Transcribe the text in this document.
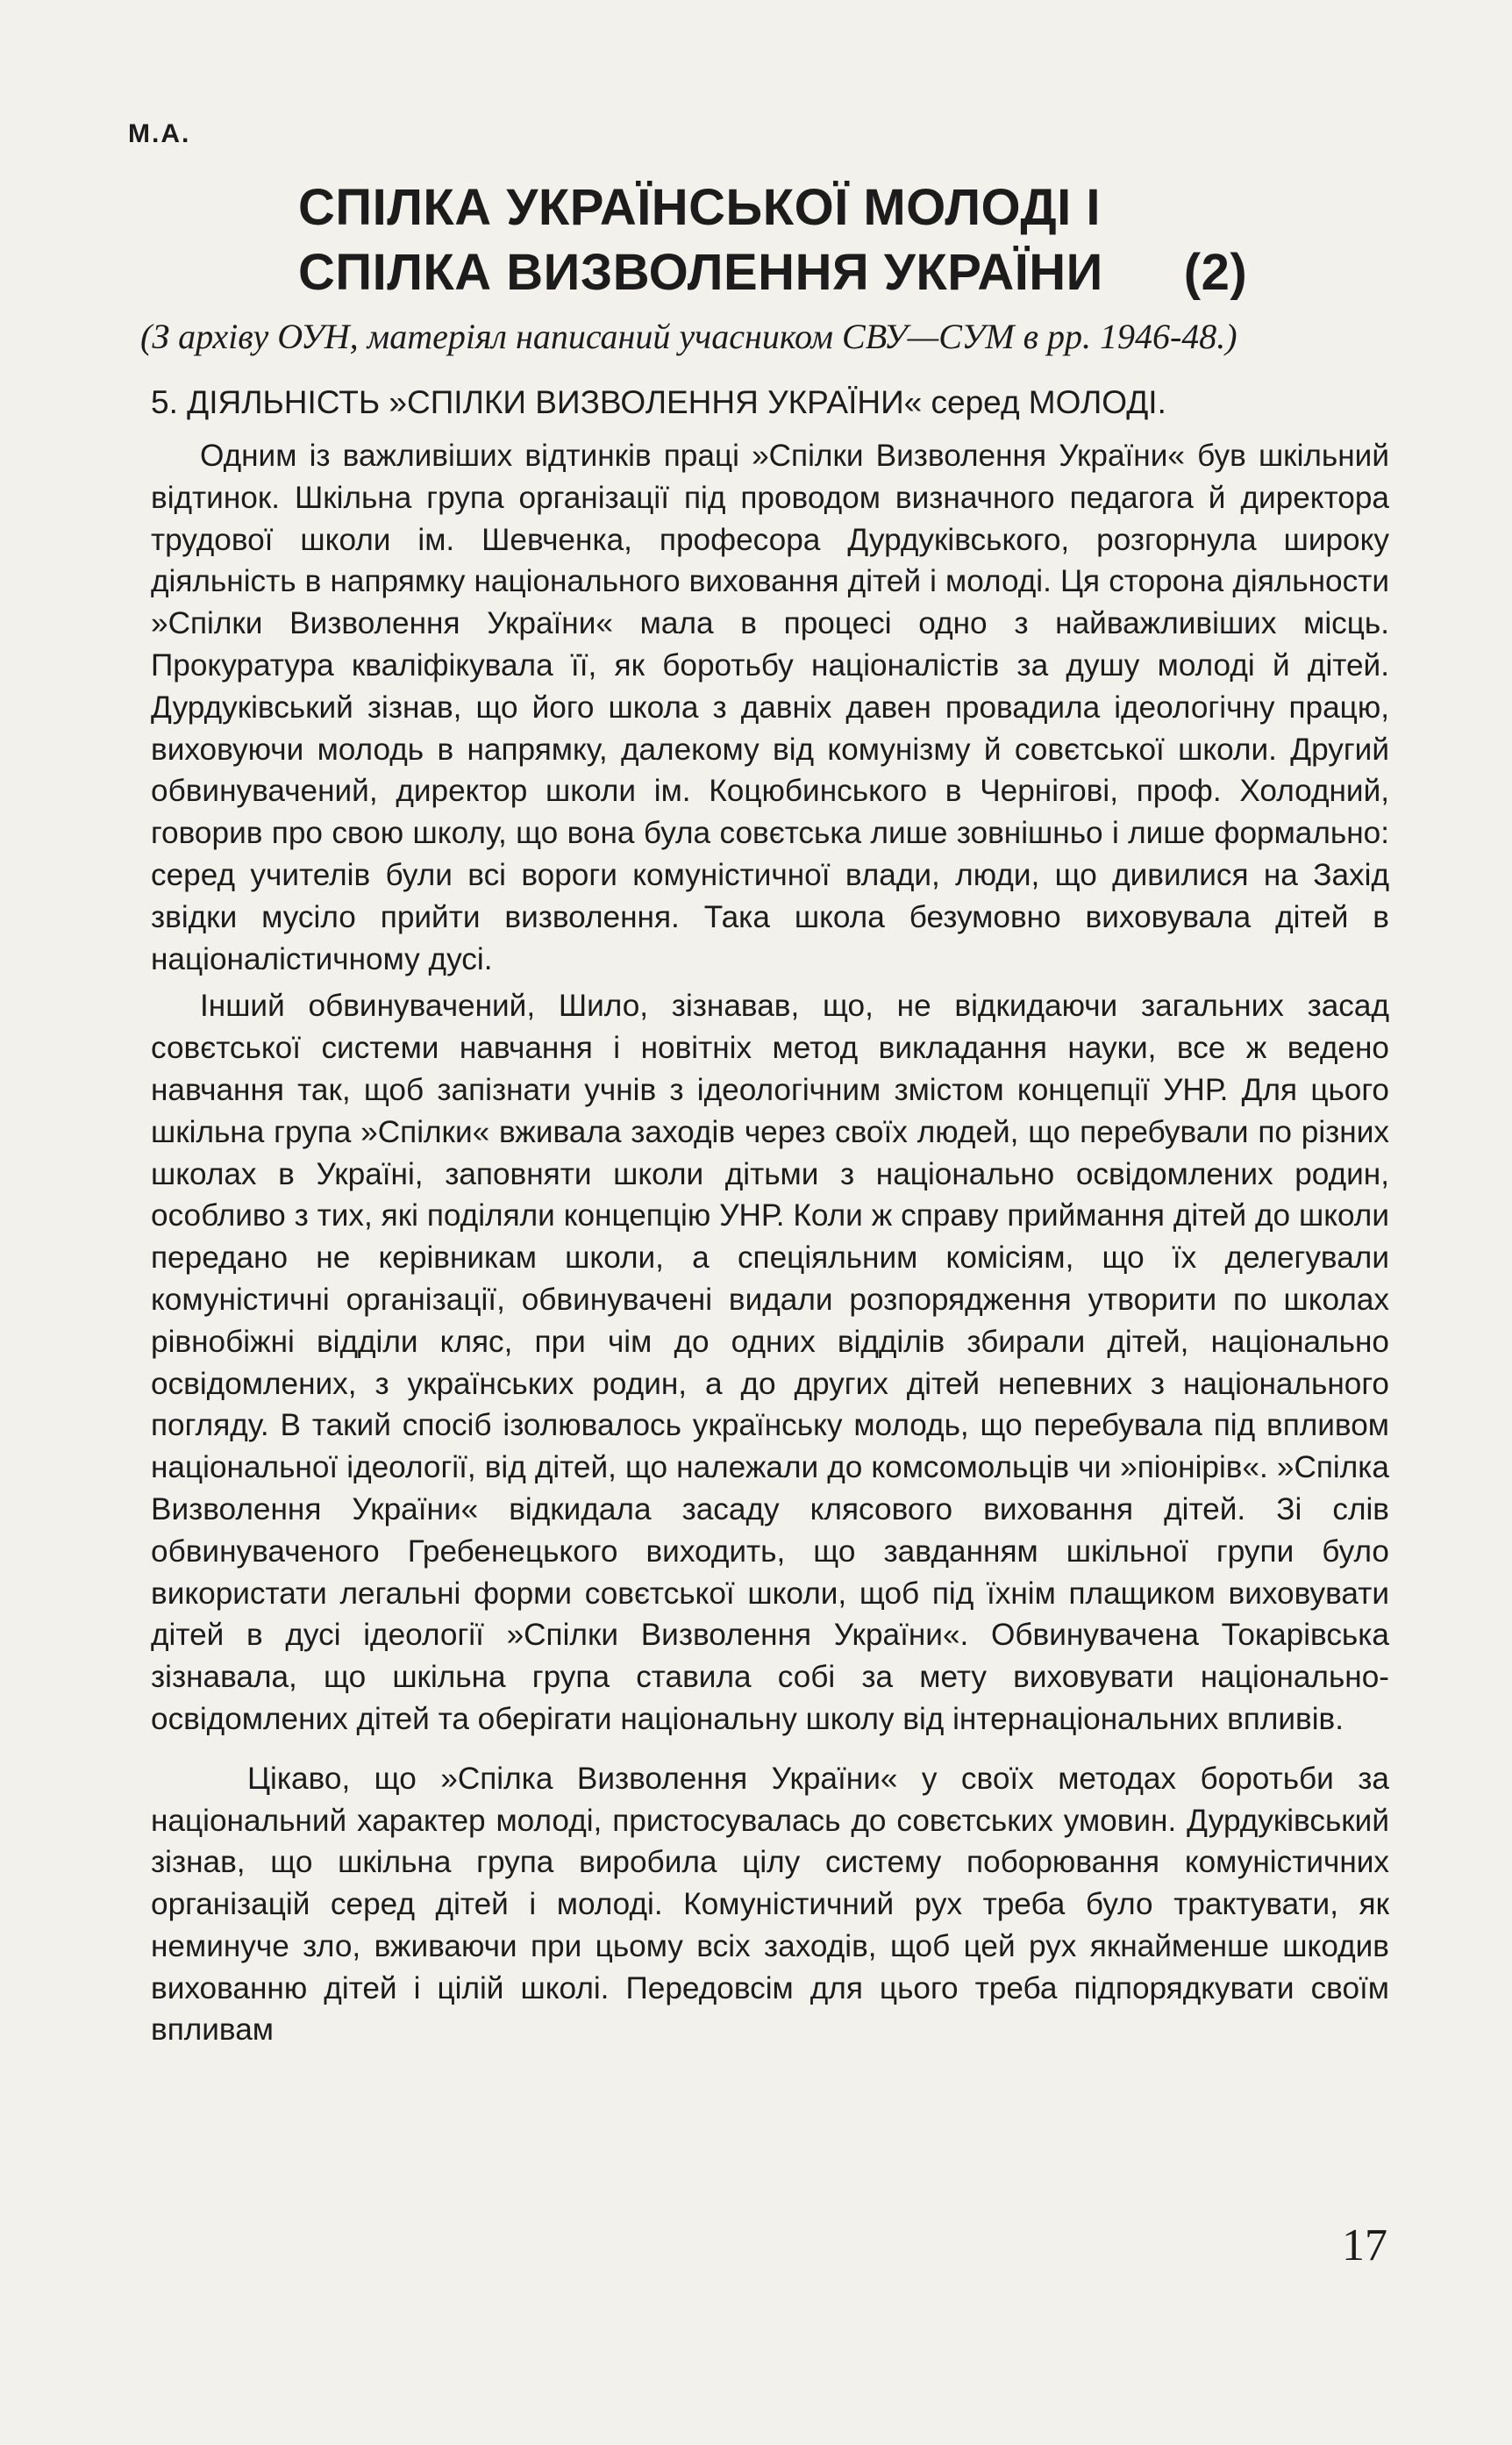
М.А.

СПІЛКА УКРАЇНСЬКОЇ МОЛОДІ І

СПІЛКА ВИЗВОЛЕННЯ УКРАЇНИ (2)

(З архіву ОУН, матеріял написаний учасником СВУ—СУМ в рр. 1946-48.)

5. ДІЯЛЬНІСТЬ »СПІЛКИ ВИЗВОЛЕННЯ УКРАЇНИ« серед МОЛОДІ.

Одним із важливіших відтинків праці »Спілки Визволення України« був шкільний відтинок. Шкільна група організації під проводом визначного педагога й директора трудової школи ім. Шевченка, професора Дурдуківського, розгорнула широку діяльність в напрямку національного виховання дітей і молоді. Ця сторона діяльности »Спілки Визволення України« мала в процесі одно з найважливіших місць. Прокуратура кваліфікувала її, як боротьбу націоналістів за душу молоді й дітей. Дурдуківський зізнав, що його школа з давніх давен провадила ідеологічну працю, виховуючи молодь в напрямку, далекому від комунізму й совєтської школи. Другий обвинувачений, директор школи ім. Коцюбинського в Чернігові, проф. Холодний, говорив про свою школу, що вона була совєтська лише зовнішньо і лише формально: серед учителів були всі вороги комуністичної влади, люди, що дивилися на Захід звідки мусіло прийти визволення. Така школа безумовно виховувала дітей в націоналістичному дусі.

Інший обвинувачений, Шило, зізнавав, що, не відкидаючи загальних засад совєтської системи навчання і новітніх метод викладання науки, все ж ведено навчання так, щоб запізнати учнів з ідеологічним змістом концепції УНР. Для цього шкільна група »Спілки« вживала заходів через своїх людей, що перебували по різних школах в Україні, заповняти школи дітьми з національно освідомлених родин, особливо з тих, які поділяли концепцію УНР. Коли ж справу приймання дітей до школи передано не керівникам школи, а спеціяльним комісіям, що їх делегували комуністичні організації, обвинувачені видали розпорядження утворити по школах рівнобіжні відділи кляс, при чім до одних відділів збирали дітей, національно освідомлених, з українських родин, а до других дітей непевних з національного погляду. В такий спосіб ізолювалось українську молодь, що перебувала під впливом національної ідеології, від дітей, що належали до комсомольців чи »піонірів«. »Спілка Визволення України« відкидала засаду клясового виховання дітей. Зі слів обвинуваченого Гребенецького виходить, що завданням шкільної групи було використати легальні форми совєтської школи, щоб під їхнім плащиком виховувати дітей в дусі ідеології »Спілки Визволення України«. Обвинувачена Токарівська зізнавала, що шкільна група ставила собі за мету виховувати національно-освідомлених дітей та оберігати національну школу від інтернаціональних впливів.

Цікаво, що »Спілка Визволення України« у своїх методах боротьби за національний характер молоді, пристосувалась до совєтських умовин. Дурдуківський зізнав, що шкільна група виробила цілу систему поборювання комуністичних організацій серед дітей і молоді. Комуністичний рух треба було трактувати, як неминуче зло, вживаючи при цьому всіх заходів, щоб цей рух якнайменше шкодив вихованню дітей і цілій школі. Передовсім для цього треба підпорядкувати своїм впливам

17
